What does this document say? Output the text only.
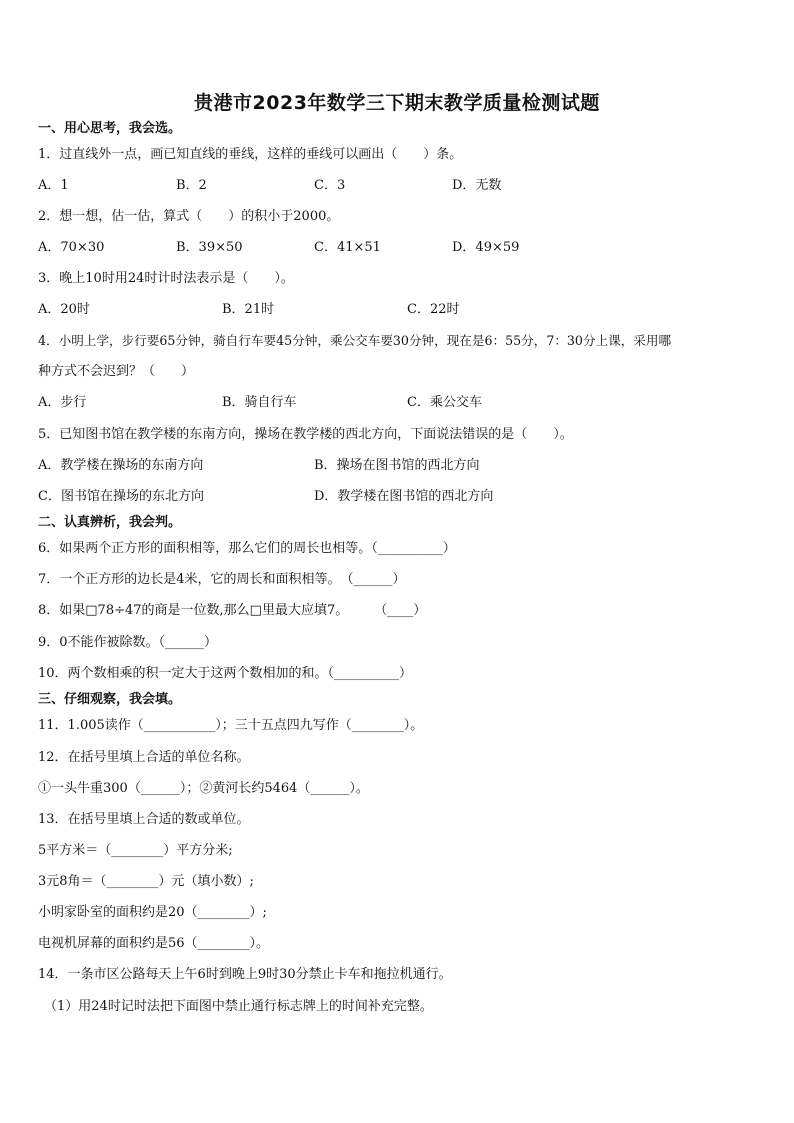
贵港市2023年数学三下期末教学质量检测试题
一、用心思考，我会选。
1．过直线外一点，画已知直线的垂线，这样的垂线可以画出（　　）条。
A．1	B．2	C．3	D．无数
2．想一想，估一估，算式（　　）的积小于2000。
A．70×30	B．39×50	C．41×51	D．49×59
3．晚上10时用24时计时法表示是（　　）。
A．20时	B．21时	C．22时
4．小明上学，步行要65分钟，骑自行车要45分钟，乘公交车要30分钟，现在是6：55分，7：30分上课，采用哪
种方式不会迟到？（　　）
A．步行	B．骑自行车	C．乘公交车
5．已知图书馆在教学楼的东南方向，操场在教学楼的西北方向，下面说法错误的是（　　）。
A．教学楼在操场的东南方向	B．操场在图书馆的西北方向
C．图书馆在操场的东北方向	D．教学楼在图书馆的西北方向
二、认真辨析，我会判。
6．如果两个正方形的面积相等，那么它们的周长也相等。（__________）
7．一个正方形的边长是4米，它的周长和面积相等。　（______）
8．如果□78÷47的商是一位数,那么□里最大应填7。　　　（____）
9．0不能作被除数。（______）
10．两个数相乘的积一定大于这两个数相加的和。（__________）
三、仔细观察，我会填。
11．1.005读作（___________）；三十五点四九写作（________）。
12．在括号里填上合适的单位名称。
①一头牛重300（______）；②黄河长约5464（______）。
13．在括号里填上合适的数或单位。
5平方米＝（________）平方分米;
3元8角＝（________）元（填小数）;
小明家卧室的面积约是20（________）;
电视机屏幕的面积约是56（________）。
14．一条市区公路每天上午6时到晚上9时30分禁止卡车和拖拉机通行。
（1）用24时记时法把下面图中禁止通行标志牌上的时间补充完整。
